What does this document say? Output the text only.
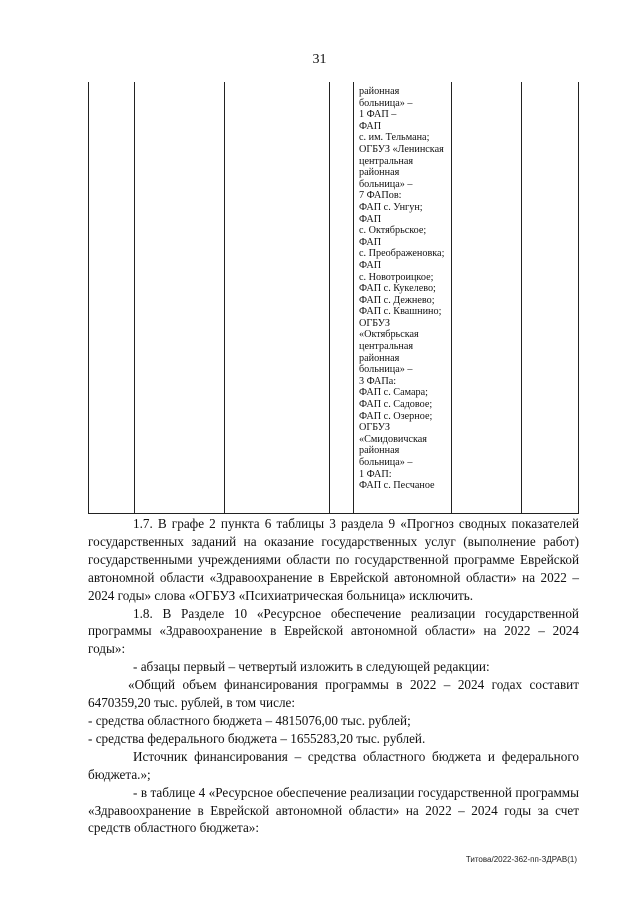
31
районная
больница» –
1 ФАП –
ФАП
с. им. Тельмана;
ОГБУЗ «Ленинская
центральная
районная
больница» –
7 ФАПов:
ФАП с. Унгун;
ФАП
с. Октябрьское;
ФАП
с. Преображеновка;
ФАП
с. Новотроицкое;
ФАП с. Кукелево;
ФАП с. Дежнево;
ФАП с. Квашнино;
ОГБУЗ
«Октябрьская
центральная
районная
больница» –
3 ФАПа:
ФАП с. Самара;
ФАП с. Садовое;
ФАП с. Озерное;
ОГБУЗ
«Смидовичская
районная
больница» –
1 ФАП:
ФАП с. Песчаное

1.7. В графе 2 пункта 6 таблицы 3 раздела 9 «Прогноз сводных показателей государственных заданий на оказание государственных услуг (выполнение работ) государственными учреждениями области по государственной программе Еврейской автономной области «Здравоохранение в Еврейской автономной области» на 2022 – 2024 годы» слова «ОГБУЗ «Психиатрическая больница» исключить.

1.8. В Разделе 10 «Ресурсное обеспечение реализации государственной программы «Здравоохранение в Еврейской автономной области» на 2022 – 2024 годы»:

- абзацы первый – четвертый изложить в следующей редакции:

«Общий объем финансирования программы в 2022 – 2024 годах составит 6470359,20 тыс. рублей, в том числе:

- средства областного бюджета – 4815076,00 тыс. рублей;

- средства федерального бюджета – 1655283,20 тыс. рублей.

Источник финансирования – средства областного бюджета и федерального бюджета.»;

- в таблице 4 «Ресурсное обеспечение реализации государственной программы «Здравоохранение в Еврейской автономной области» на 2022 – 2024 годы за счет средств областного бюджета»:

Титова/2022-362-пп-ЗДРАВ(1)
